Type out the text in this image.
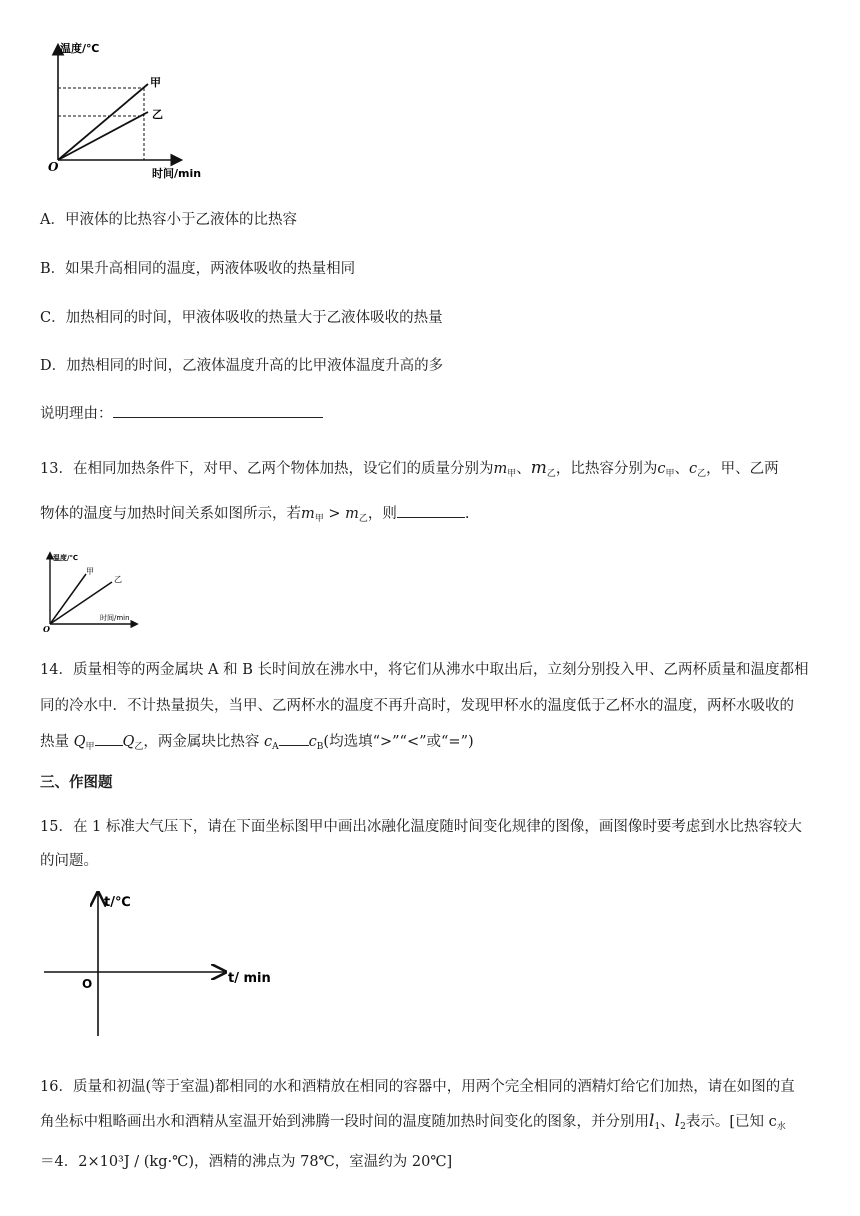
温度/℃
时间/min
O
甲
乙
A．甲液体的比热容小于乙液体的比热容
B．如果升高相同的温度，两液体吸收的热量相同
C．加热相同的时间，甲液体吸收的热量大于乙液体吸收的热量
D．加热相同的时间，乙液体温度升高的比甲液体温度升高的多
说明理由：
13．在相同加热条件下，对甲、乙两个物体加热，设它们的质量分别为$m_甲$、$m_乙$，比热容分别为$c_甲$、$c_乙$，甲、乙两
物体的温度与加热时间关系如图所示，若$m_甲 > m_乙$，则	.
温度/℃
时间/min
O
甲
乙
14．质量相等的两金属块 A 和 B 长时间放在沸水中，将它们从沸水中取出后，立刻分别投入甲、乙两杯质量和温度都相
同的冷水中．不计热量损失，当甲、乙两杯水的温度不再升高时，发现甲杯水的温度低于乙杯水的温度，两杯水吸收的
热量 $Q_甲$ $Q_乙$，两金属块比热容 $c_A$ $c_B$(均选填“>”“<”或“=”)
三、作图题
15．在 1 标准大气压下，请在下面坐标图甲中画出冰融化温度随时间变化规律的图像，画图像时要考虑到水比热容较大
的问题。
t/℃
t/ min
O
16．质量和初温(等于室温)都相同的水和酒精放在相同的容器中，用两个完全相同的酒精灯给它们加热，请在如图的直
角坐标中粗略画出水和酒精从室温开始到沸腾一段时间的温度随加热时间变化的图象，并分别用$l_1$、$l_2$表示。[已知 $c_水$
＝4．2×10³J / (kg·℃)，酒精的沸点为 78℃，室温约为 20℃]
